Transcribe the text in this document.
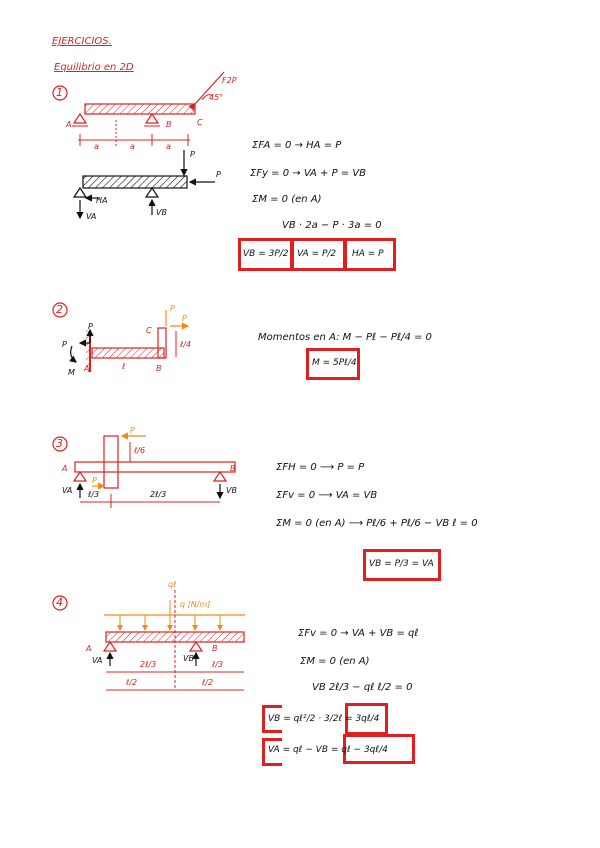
EJERCICIOS.
Equilibrio en 2D
1
F2P
45°
A	B	C
a	a	a
P
P
HA
VA	VB
ΣFA = 0 → HA = P
ΣFy = 0 → VA + P = VB
ΣM = 0 (en A)
VB · 2a − P · 3a = 0
VB = 3P/2 VA = P/2 HA = P
2
P
P
M A	ℓ	B
C
ℓ/4
P
P
Momentos en A: M − Pℓ − Pℓ/4 = 0
M = 5Pℓ/4
3
P
ℓ/6
A	B
P
VA	VB
ℓ/3	2ℓ/3
ΣFH = 0 ⟶ P = P
ΣFv = 0 ⟶ VA = VB
ΣM = 0 (en A) ⟶ Pℓ/6 + Pℓ/6 − VB ℓ = 0
VB = P/3 = VA
4
qℓ
q [N/m]
A	B
VA	VB
2ℓ/3	ℓ/3
ℓ/2	ℓ/2
ΣFv = 0 → VA + VB = qℓ
ΣM = 0 (en A)
VB 2ℓ/3 − qℓ ℓ/2 = 0
VB = qℓ²/2 · 3/2ℓ = 3qℓ/4
VA = qℓ − VB = qℓ − 3qℓ/4
